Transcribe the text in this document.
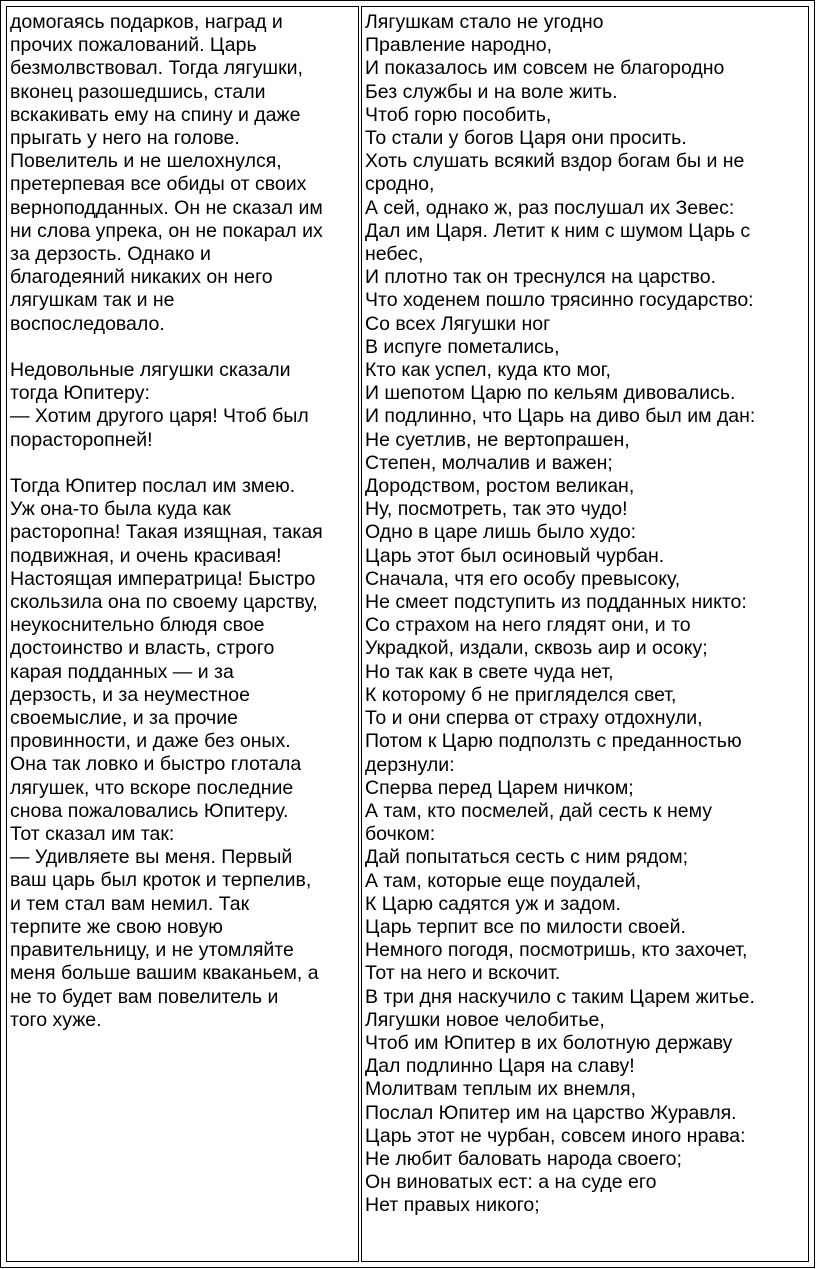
домогаясь подарков, наград и
прочих пожалований. Царь
безмолвствовал. Тогда лягушки,
вконец разошедшись, стали
вскакивать ему на спину и даже
прыгать у него на голове.
Повелитель и не шелохнулся,
претерпевая все обиды от своих
верноподданных. Он не сказал им
ни слова упрека, он не покарал их
за дерзость. Однако и
благодеяний никаких он него
лягушкам так и не
воспоследовало.
Недовольные лягушки сказали
тогда Юпитеру:
— Хотим другого царя! Чтоб был
порасторопней!
Тогда Юпитер послал им змею.
Уж она-то была куда как
расторопна! Такая изящная, такая
подвижная, и очень красивая!
Настоящая императрица! Быстро
скользила она по своему царству,
неукоснительно блюдя свое
достоинство и власть, строго
карая подданных — и за
дерзость, и за неуместное
своемыслие, и за прочие
провинности, и даже без оных.
Она так ловко и быстро глотала
лягушек, что вскоре последние
снова пожаловались Юпитеру.
Тот сказал им так:
— Удивляете вы меня. Первый
ваш царь был кроток и терпелив,
и тем стал вам немил. Так
терпите же свою новую
правительницу, и не утомляйте
меня больше вашим кваканьем, а
не то будет вам повелитель и
того хуже.

Лягушкам стало не угодно
Правление народно,
И показалось им совсем не благородно
Без службы и на воле жить.
Чтоб горю пособить,
То стали у богов Царя они просить.
Хоть слушать всякий вздор богам бы и не
сродно,
А сей, однако ж, раз послушал их Зевес:
Дал им Царя. Летит к ним с шумом Царь с
небес,
И плотно так он треснулся на царство.
Что ходенем пошло трясинно государство:
Со всех Лягушки ног
В испуге пометались,
Кто как успел, куда кто мог,
И шепотом Царю по кельям дивовались.
И подлинно, что Царь на диво был им дан:
Не суетлив, не вертопрашен,
Степен, молчалив и важен;
Дородством, ростом великан,
Ну, посмотреть, так это чудо!
Одно в царе лишь было худо:
Царь этот был осиновый чурбан.
Сначала, чтя его особу превысоку,
Не смеет подступить из подданных никто:
Со страхом на него глядят они, и то
Украдкой, издали, сквозь аир и осоку;
Но так как в свете чуда нет,
К которому б не пригляделся свет,
То и они сперва от страху отдохнули,
Потом к Царю подползть с преданностью
дерзнули:
Сперва перед Царем ничком;
А там, кто посмелей, дай сесть к нему
бочком:
Дай попытаться сесть с ним рядом;
А там, которые еще поудалей,
К Царю садятся уж и задом.
Царь терпит все по милости своей.
Немного погодя, посмотришь, кто захочет,
Тот на него и вскочит.
В три дня наскучило с таким Царем житье.
Лягушки новое челобитье,
Чтоб им Юпитер в их болотную державу
Дал подлинно Царя на славу!
Молитвам теплым их внемля,
Послал Юпитер им на царство Журавля.
Царь этот не чурбан, совсем иного нрава:
Не любит баловать народа своего;
Он виноватых ест: а на суде его
Нет правых никого;
